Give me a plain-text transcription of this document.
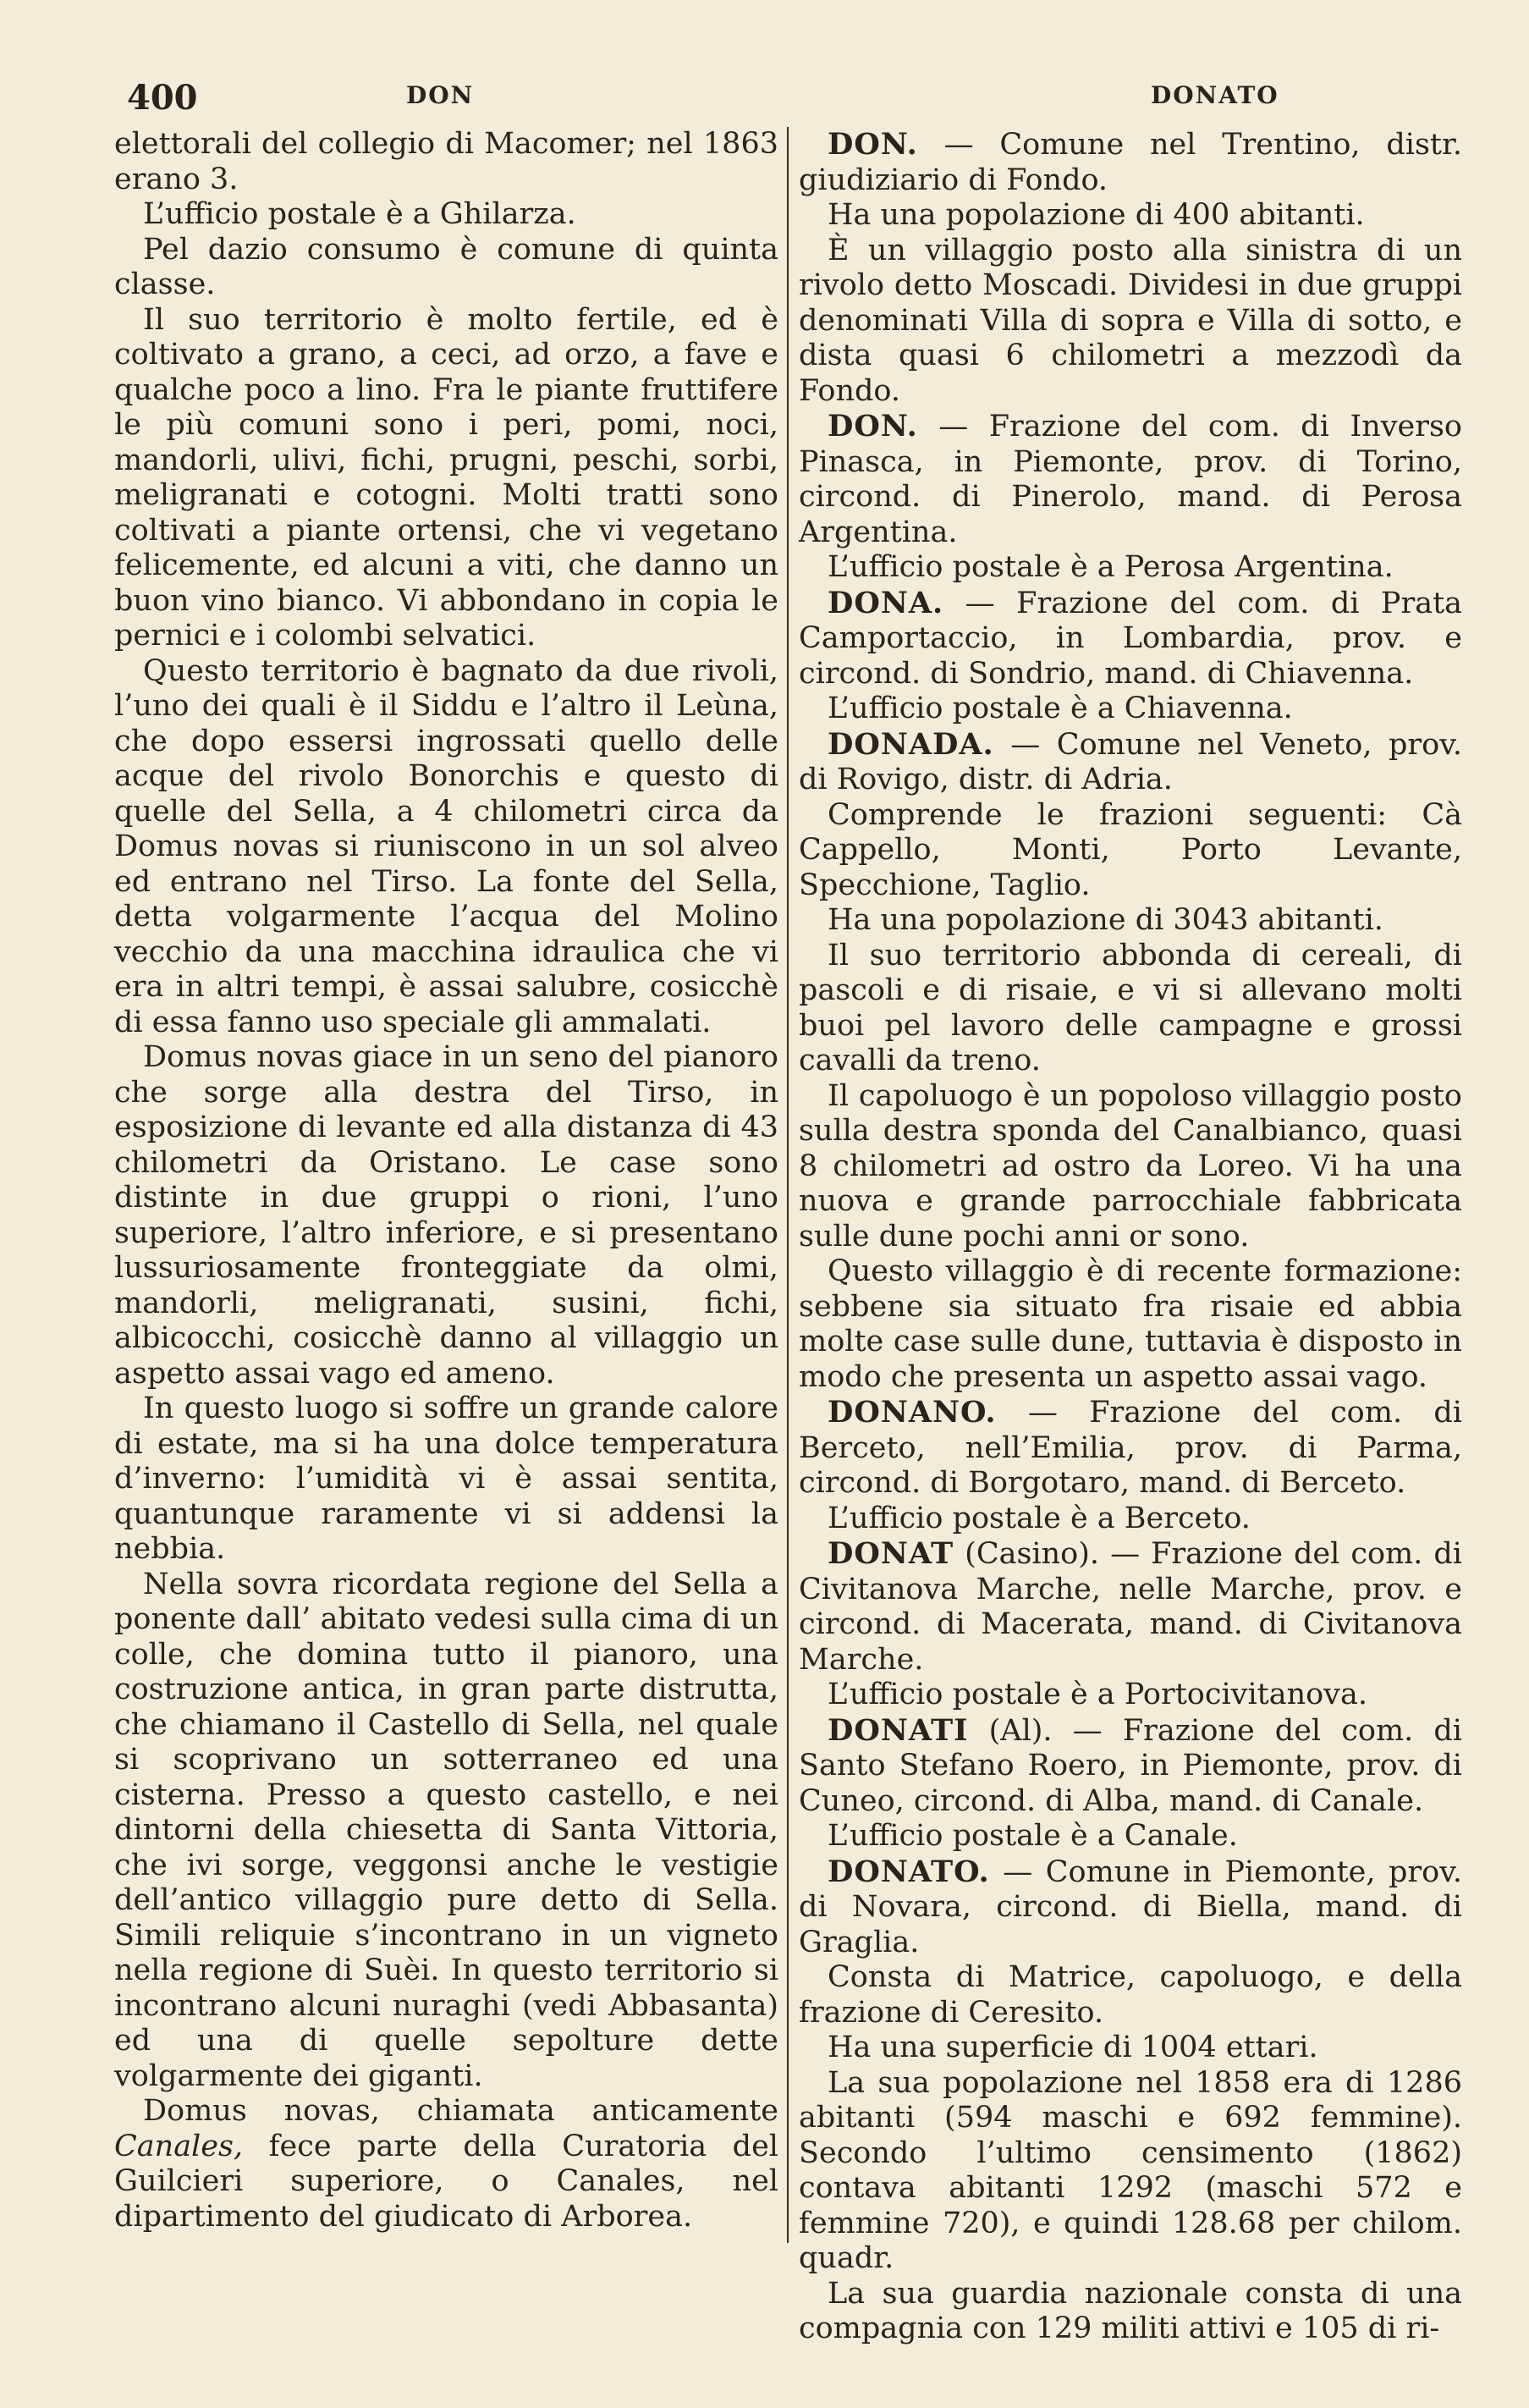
400	DON	DONATO

elettorali del collegio di Macomer; nel 1863 erano 3.

L’ufficio postale è a Ghilarza.

Pel dazio consumo è comune di quinta classe.

Il suo territorio è molto fertile, ed è coltivato a grano, a ceci, ad orzo, a fave e qualche poco a lino. Fra le piante fruttifere le più comuni sono i peri, pomi, noci, mandorli, ulivi, fichi, prugni, peschi, sorbi, meligranati e cotogni. Molti tratti sono coltivati a piante ortensi, che vi vegetano felicemente, ed alcuni a viti, che danno un buon vino bianco. Vi abbondano in copia le pernici e i colombi selvatici.

Questo territorio è bagnato da due rivoli, l’uno dei quali è il Siddu e l’altro il Leùna, che dopo essersi ingrossati quello delle acque del rivolo Bonorchis e questo di quelle del Sella, a 4 chilometri circa da Domus novas si riuniscono in un sol alveo ed entrano nel Tirso. La fonte del Sella, detta volgarmente l’acqua del Molino vecchio da una macchina idraulica che vi era in altri tempi, è assai salubre, cosicchè di essa fanno uso speciale gli ammalati.

Domus novas giace in un seno del pianoro che sorge alla destra del Tirso, in esposizione di levante ed alla distanza di 43 chilometri da Oristano. Le case sono distinte in due gruppi o rioni, l’uno superiore, l’altro inferiore, e si presentano lussuriosamente fronteggiate da olmi, mandorli, meligranati, susini, fichi, albicocchi, cosicchè danno al villaggio un aspetto assai vago ed ameno.

In questo luogo si soffre un grande calore di estate, ma si ha una dolce temperatura d’inverno: l’umidità vi è assai sentita, quantunque raramente vi si addensi la nebbia.

Nella sovra ricordata regione del Sella a ponente dall’ abitato vedesi sulla cima di un colle, che domina tutto il pianoro, una costruzione antica, in gran parte distrutta, che chiamano il Castello di Sella, nel quale si scoprivano un sotterraneo ed una cisterna. Presso a questo castello, e nei dintorni della chiesetta di Santa Vittoria, che ivi sorge, veggonsi anche le vestigie dell’antico villaggio pure detto di Sella. Simili reliquie s’incontrano in un vigneto nella regione di Suèi. In questo territorio si incontrano alcuni nuraghi (vedi Abbasanta) ed una di quelle sepolture dette volgarmente dei giganti.

Domus novas, chiamata anticamente Canales, fece parte della Curatoria del Guilcieri superiore, o Canales, nel dipartimento del giudicato di Arborea.

DON. — Comune nel Trentino, distr. giudiziario di Fondo.

Ha una popolazione di 400 abitanti.

È un villaggio posto alla sinistra di un rivolo detto Moscadi. Dividesi in due gruppi denominati Villa di sopra e Villa di sotto, e dista quasi 6 chilometri a mezzodì da Fondo.

DON. — Frazione del com. di Inverso Pinasca, in Piemonte, prov. di Torino, circond. di Pinerolo, mand. di Perosa Argentina.

L’ufficio postale è a Perosa Argentina.

DONA. — Frazione del com. di Prata Camportaccio, in Lombardia, prov. e circond. di Sondrio, mand. di Chiavenna.

L’ufficio postale è a Chiavenna.

DONADA. — Comune nel Veneto, prov. di Rovigo, distr. di Adria.

Comprende le frazioni seguenti: Cà Cappello, Monti, Porto Levante, Specchione, Taglio.

Ha una popolazione di 3043 abitanti.

Il suo territorio abbonda di cereali, di pascoli e di risaie, e vi si allevano molti buoi pel lavoro delle campagne e grossi cavalli da treno.

Il capoluogo è un popoloso villaggio posto sulla destra sponda del Canalbianco, quasi 8 chilometri ad ostro da Loreo. Vi ha una nuova e grande parrocchiale fabbricata sulle dune pochi anni or sono.

Questo villaggio è di recente formazione: sebbene sia situato fra risaie ed abbia molte case sulle dune, tuttavia è disposto in modo che presenta un aspetto assai vago.

DONANO. — Frazione del com. di Berceto, nell’Emilia, prov. di Parma, circond. di Borgotaro, mand. di Berceto.

L’ufficio postale è a Berceto.

DONAT (Casino). — Frazione del com. di Civitanova Marche, nelle Marche, prov. e circond. di Macerata, mand. di Civitanova Marche.

L’ufficio postale è a Portocivitanova.

DONATI (Al). — Frazione del com. di Santo Stefano Roero, in Piemonte, prov. di Cuneo, circond. di Alba, mand. di Canale.

L’ufficio postale è a Canale.

DONATO. — Comune in Piemonte, prov. di Novara, circond. di Biella, mand. di Graglia.

Consta di Matrice, capoluogo, e della frazione di Ceresito.

Ha una superficie di 1004 ettari.

La sua popolazione nel 1858 era di 1286 abitanti (594 maschi e 692 femmine). Secondo l’ultimo censimento (1862) contava abitanti 1292 (maschi 572 e femmine 720), e quindi 128.68 per chilom. quadr.

La sua guardia nazionale consta di una compagnia con 129 militi attivi e 105 di ri-
